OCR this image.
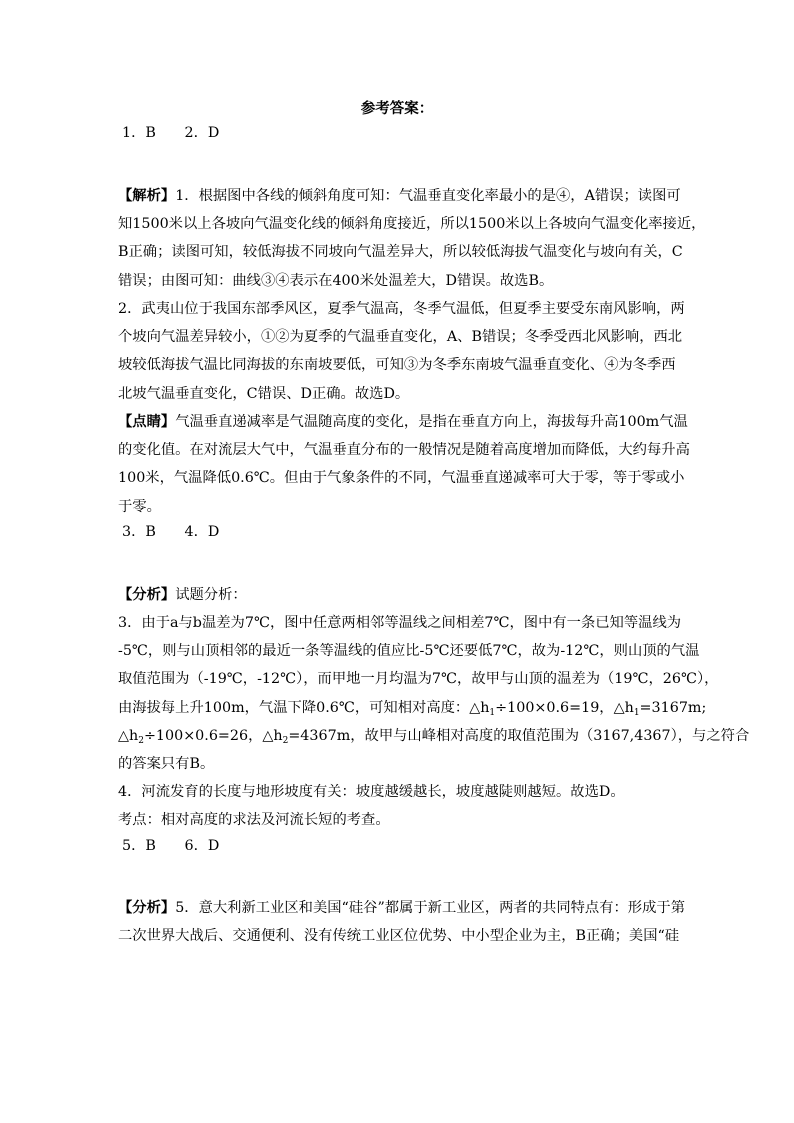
参考答案：
1．B　　2．D
【解析】1．根据图中各线的倾斜角度可知：气温垂直变化率最小的是④，A错误；读图可
知1500米以上各坡向气温变化线的倾斜角度接近，所以1500米以上各坡向气温变化率接近，
B正确；读图可知，较低海拔不同坡向气温差异大，所以较低海拔气温变化与坡向有关，C
错误；由图可知：曲线③④表示在400米处温差大，D错误。故选B。
2．武夷山位于我国东部季风区，夏季气温高，冬季气温低，但夏季主要受东南风影响，两
个坡向气温差异较小，①②为夏季的气温垂直变化，A、B错误；冬季受西北风影响，西北
坡较低海拔气温比同海拔的东南坡要低，可知③为冬季东南坡气温垂直变化、④为冬季西
北坡气温垂直变化，C错误、D正确。故选D。
【点睛】气温垂直递减率是气温随高度的变化，是指在垂直方向上，海拔每升高100m气温
的变化值。在对流层大气中，气温垂直分布的一般情况是随着高度增加而降低，大约每升高
100米，气温降低0.6℃。但由于气象条件的不同，气温垂直递减率可大于零，等于零或小
于零。
3．B　　4．D
【分析】试题分析：
3．由于a与b温差为7℃，图中任意两相邻等温线之间相差7℃，图中有一条已知等温线为
-5℃，则与山顶相邻的最近一条等温线的值应比-5℃还要低7℃，故为-12℃，则山顶的气温
取值范围为（-19℃，-12℃），而甲地一月均温为7℃，故甲与山顶的温差为（19℃，26℃），
由海拔每上升100m，气温下降0.6℃，可知相对高度：$\triangle h_1\div 100\times 0.6=19$，$\triangle h_1=3167m$;
$\triangle h_2\div 100\times 0.6=26$，$\triangle h_2=4367m$，故甲与山峰相对高度的取值范围为（3167,4367），与之符合
的答案只有B。
4．河流发育的长度与地形坡度有关：坡度越缓越长，坡度越陡则越短。故选D。
考点：相对高度的求法及河流长短的考查。
5．B　　6．D
【分析】5．意大利新工业区和美国“硅谷”都属于新工业区，两者的共同特点有：形成于第
二次世界大战后、交通便利、没有传统工业区位优势、中小型企业为主，B正确；美国“硅
